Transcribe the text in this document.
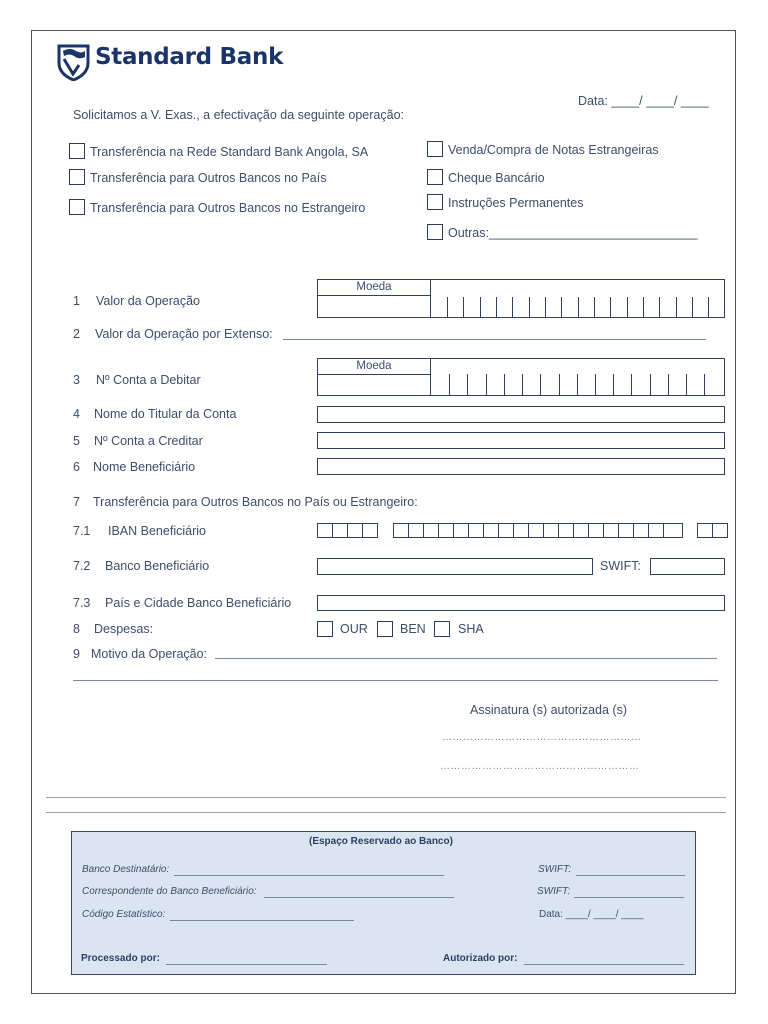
Standard Bank
Data: ____/ ____/ ____
Solicitamos a V. Exas., a efectivação da seguinte operação:
Transferência na Rede Standard Bank Angola, SA
Transferência para Outros Bancos no País
Transferência para Outros Bancos no Estrangeiro
Venda/Compra de Notas Estrangeiras
Cheque Bancário
Instruções Permanentes
Outras:______________________________
1 Valor da Operação
Moeda
2 Valor da Operação por Extenso:
3 Nº Conta a Debitar
Moeda
4 Nome do Titular da Conta
5 Nº Conta a Creditar
6 Nome Beneficiário
7 Transferência para Outros Bancos no País ou Estrangeiro:
7.1 IBAN Beneficiário
7.2 Banco Beneficiário	SWIFT:
7.3 País e Cidade Banco Beneficiário
8 Despesas:	OUR	BEN	SHA
9 Motivo da Operação:
Assinatura (s) autorizada (s)
…………………………………………………
…………………………………………………
(Espaço Reservado ao Banco)
Banco Destinatário:	SWIFT:
Correspondente do Banco Beneficiário:	SWIFT:
Código Estatístico:	Data: ____/ ____/ ____
Processado por:	Autorizado por:
